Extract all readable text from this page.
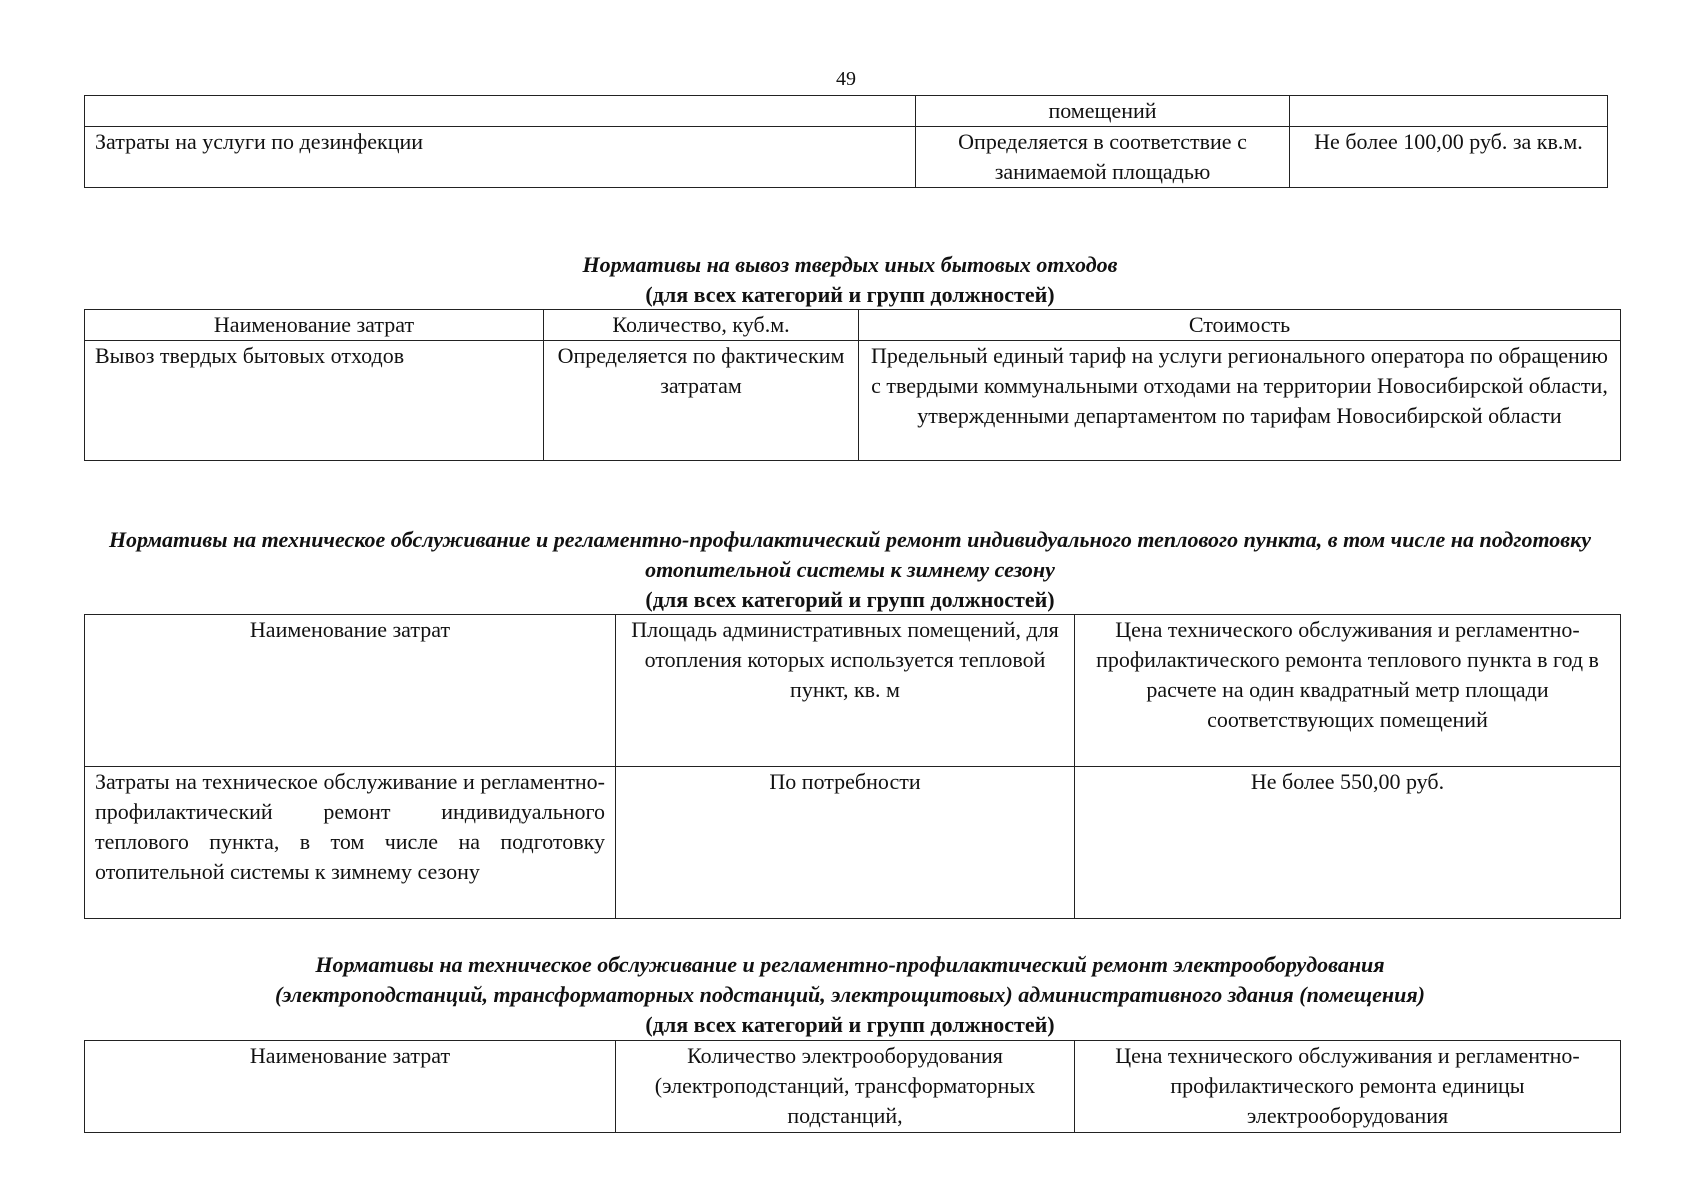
49
	помещений	
Затраты на услуги по дезинфекции	Определяется в соответствие с занимаемой площадью	Не более 100,00 руб. за кв.м.
Нормативы на вывоз твердых иных бытовых отходов
(для всех категорий и групп должностей)
Наименование затрат	Количество, куб.м.	Стоимость
Вывоз твердых бытовых отходов	Определяется по фактическим затратам	Предельный единый тариф на услуги регионального оператора по обращению с твердыми коммунальными отходами на территории Новосибирской области, утвержденными департаментом по тарифам Новосибирской области
Нормативы на техническое обслуживание и регламентно-профилактический ремонт индивидуального теплового пункта, в том числе на подготовку отопительной системы к зимнему сезону
(для всех категорий и групп должностей)
Наименование затрат	Площадь административных помещений, для отопления которых используется тепловой пункт, кв. м	Цена технического обслуживания и регламентно-профилактического ремонта теплового пункта в год в расчете на один квадратный метр площади соответствующих помещений
Затраты на техническое обслуживание и регламентно-профилактический ремонт индивидуального теплового пункта, в том числе на подготовку отопительной системы к зимнему сезону	По потребности	Не более 550,00 руб.
Нормативы на техническое обслуживание и регламентно-профилактический ремонт электрооборудования (электроподстанций, трансформаторных подстанций, электрощитовых) административного здания (помещения)
(для всех категорий и групп должностей)
Наименование затрат	Количество электрооборудования (электроподстанций, трансформаторных подстанций,	Цена технического обслуживания и регламентно-профилактического ремонта единицы электрооборудования
